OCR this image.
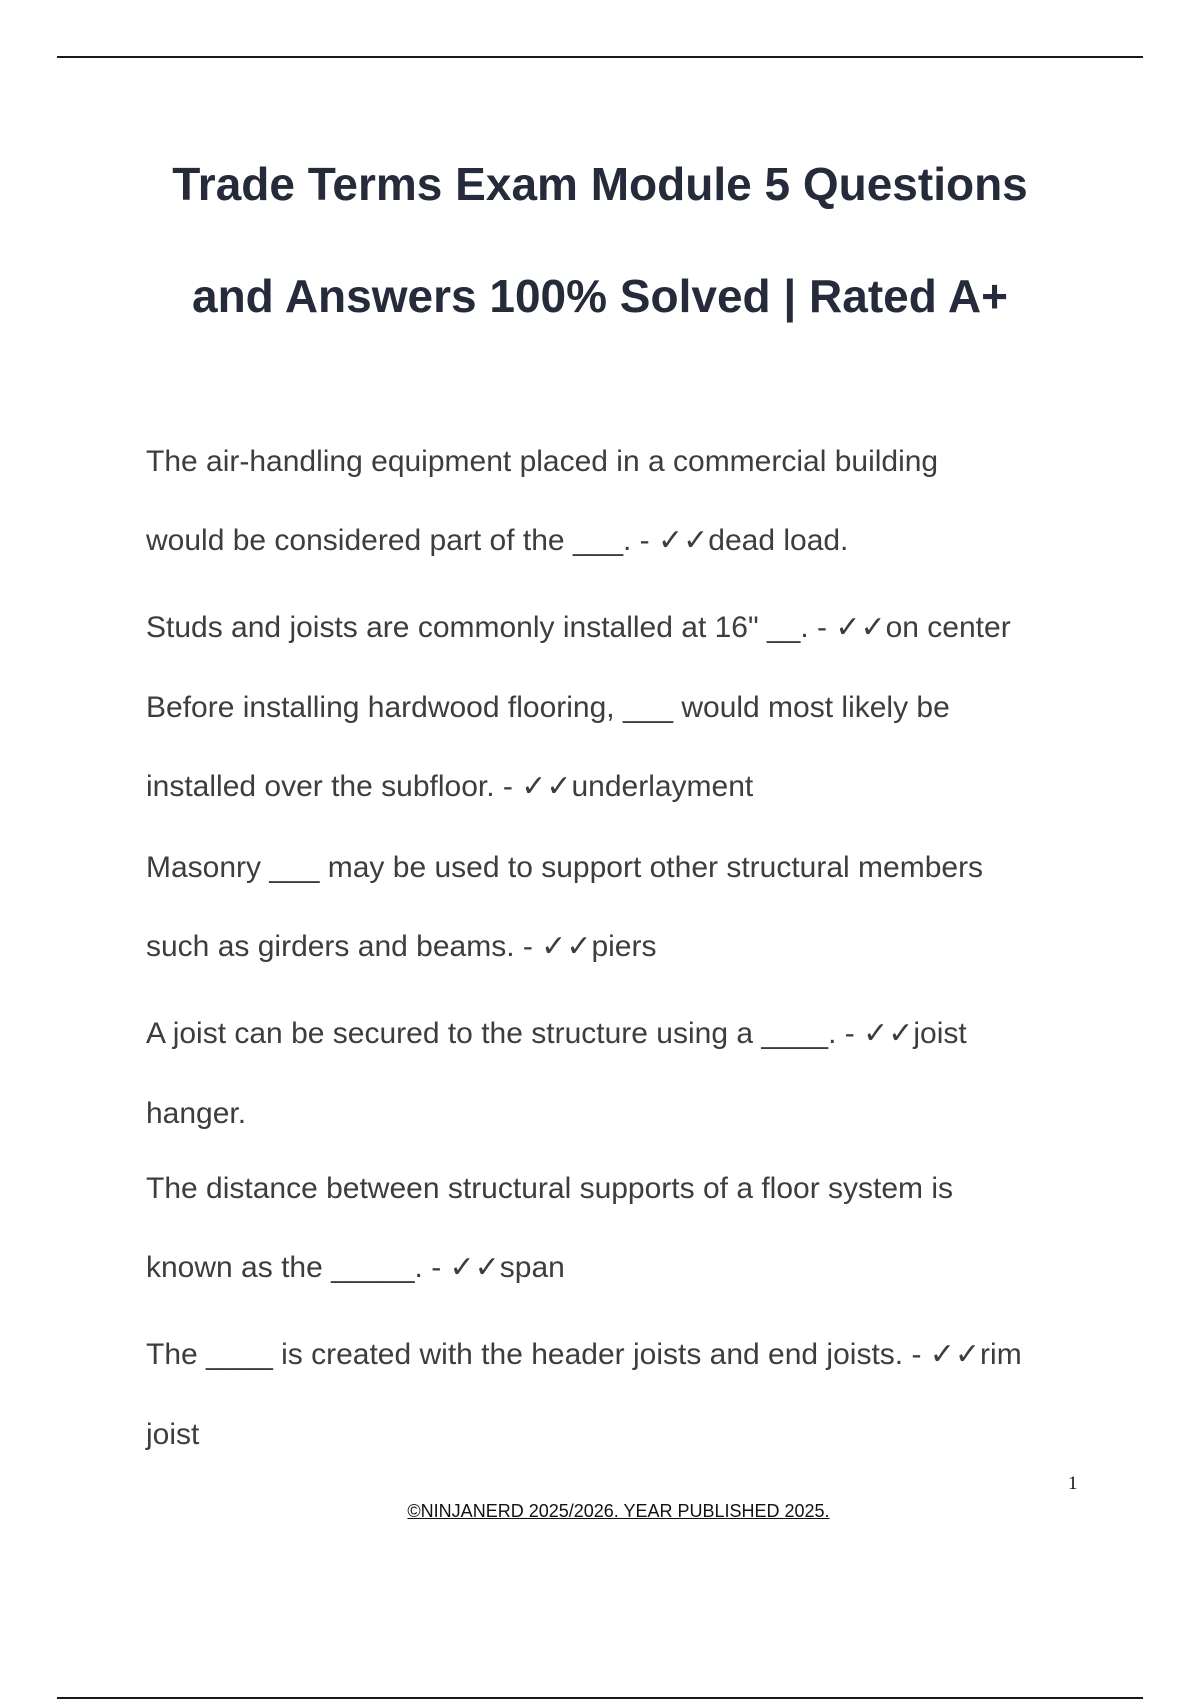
Trade Terms Exam Module 5 Questions
and Answers 100% Solved | Rated A+
The air-handling equipment placed in a commercial building
would be considered part of the ___. - ✓✓dead load.
Studs and joists are commonly installed at 16" __. - ✓✓on center
Before installing hardwood flooring, ___ would most likely be
installed over the subfloor. - ✓✓underlayment
Masonry ___ may be used to support other structural members
such as girders and beams. - ✓✓piers
A joist can be secured to the structure using a ____. - ✓✓joist
hanger.
The distance between structural supports of a floor system is
known as the _____. - ✓✓span
The ____ is created with the header joists and end joists. - ✓✓rim
joist
1
©NINJANERD 2025/2026. YEAR PUBLISHED 2025.
